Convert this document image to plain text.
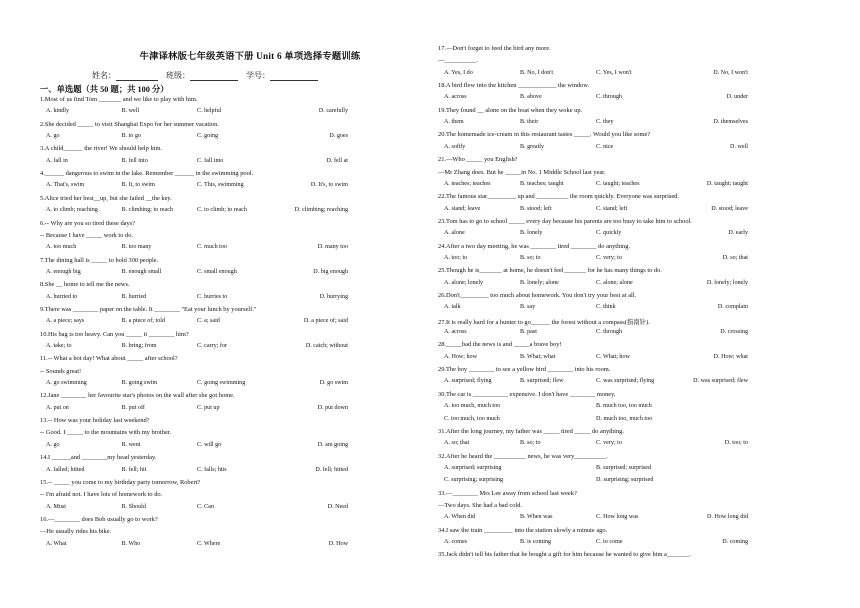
牛津译林版七年级英语下册 Unit 6 单项选择专题训练
姓名：	班级：	学号：
一、单选题（共 50 题；共 100 分）
1.Most of us find Tom _______ and we like to play with him.
A. kindly	B. well	C. helpful	D. carefully
2.She decided _____ to visit Shanghai Expo for her summer vacation.
A. go	B. to go	C. going	D. goes
3.A child______ the river! We should help him.
A. fall in	B. fell into	C. fall into	D. fell at
4.______ dangerous to swim in the lake. Remember ______ in the swimming pool.
A. That's, swim	B. It, to swim	C. This, swimming	D. It's, to swim
5.Alice tried her best__up, but she failed __the key.
A. to climb; reaching	B. climbing; to reach	C. to climb; to reach	D. climbing; reaching
6.-- Why are you so tired these days?
-- Because I have _____ work to do.
A. too much	B. too many	C. much too	D. many too
7.The dining hall is _____ to hold 300 people.
A. enough big	B. enough small	C. small enough	D. big enough
8.She __ home to tell me the news.
A. hurried to	B. hurried	C. hurries to	D. hurrying
9.There was ________ paper on the table. It ________ "Eat your lunch by yourself."
A. a piece; says	B. a piece of; told	C. a; said	D. a piece of; said
10.His bag is too heavy. Can you _____ it ________ him?
A. take; to	B. bring; from	C. carry; for	D. catch; without
11.-- What a hot day! What about _____ after school?
-- Sounds great!
A. go swimming	B. going swim	C. going swimming	D. go swim
12.Jane ________ her favourite star's photos on the wall after she got home.
A. put on	B. put off	C. put up	D. put down
13.-- How was your holiday last weekend?
-- Good. I _____ to the mountains with my brother.
A. go	B. went	C. will go	D. am going
14.I ______and ________my head yesterday.
A. falled; hitted	B. fell; hit	C. falls; hits	D. fell; hitted
15.-- _____ you come to my birthday party tomorrow, Robert?
-- I'm afraid not. I have lots of homework to do.
A. Must	B. Should	C. Can	D. Need
16.—________ does Bob usually go to work?
—He usually rides his bike.
A. What	B. Who	C. Where	D. How
17.—Don't forget to feed the bird any more.
—__________.
A. Yes, I do	B. No, I don't	C. Yes, I won't	D. No, I won't
18.A bird flew into the kitchen ____________ the window.
A. across	B. above	C. through	D. under
19.They found __ alone on the boat when they woke up.
A. them	B. their	C. they	D. themselves
20.The homemade ice-cream in this restaurant tastes _____. Would you like some?
A. softly	B. greatly	C. nice	D. well
21.—Who _____ you English?
—Mr Zhang does. But he _____in No. 1 Middle School last year.
A. teaches; teaches	B. teaches; taught	C. taught; teaches	D. taught; taught
22.The famous star_________ up and __________ the room quickly. Everyone was surprised.
A. stand; leave	B. stood; left	C. stand; left	D. stood; leave
23.Tom has to go to school _____ every day because his parents are too busy to take him to school.
A. alone	B. lonely	C. quickly	D. early
24.After a two day meeting, he was ________ tired ________ do anything.
A. too; to	B. so; to	C. very; to	D. so; that
25.Though he is_______ at home, he doesn't feel_______ for he has many things to do.
A. alone; lonely	B. lonely; alone	C. alone; alone	D. lonely; lonely
26.Don't_________ too much about homework. You don't try your best at all.
A. talk	B. say	C. think	D. complain
27.It is really hard for a hunter to go______ the forest without a compass(指南针).
A. across	B. past	C. through	D. crossing
28._____bad the news is and _____a brave boy!
A. How; how	B. What; what	C. What; how	D. How; what
29.The boy ________ to see a yellow bird ________ into his room.
A. surprised; flying	B. surprised; flew	C. was surprised; flying	D. was surprised; flew
30.The car is ___________ expensive. I don't have ________ money.
A. too much, much too	B. much too, too much
C. too much, too much	D. much too, much too
31.After the long journey, my father was _____ tired _____ do anything.
A. so; that	B. so; to	C. very; to	D. too; to
32.After he heard the __________ news, he was very__________.
A. surprised; surprising	B. surprised; surprised
C. surprising; surprising	D. surprising; surprised
33.—________ Mrs Lee away from school last week?
—Two days. She had a bad cold.
A. When did	B. When was	C. How long was	D. How long did
34.I saw the train _________ into the station slowly a minute ago.
A. comes	B. is coming	C. to come	D. coming
35.Jack didn't tell his father that he bought a gift for him because he wanted to give him a_______.
